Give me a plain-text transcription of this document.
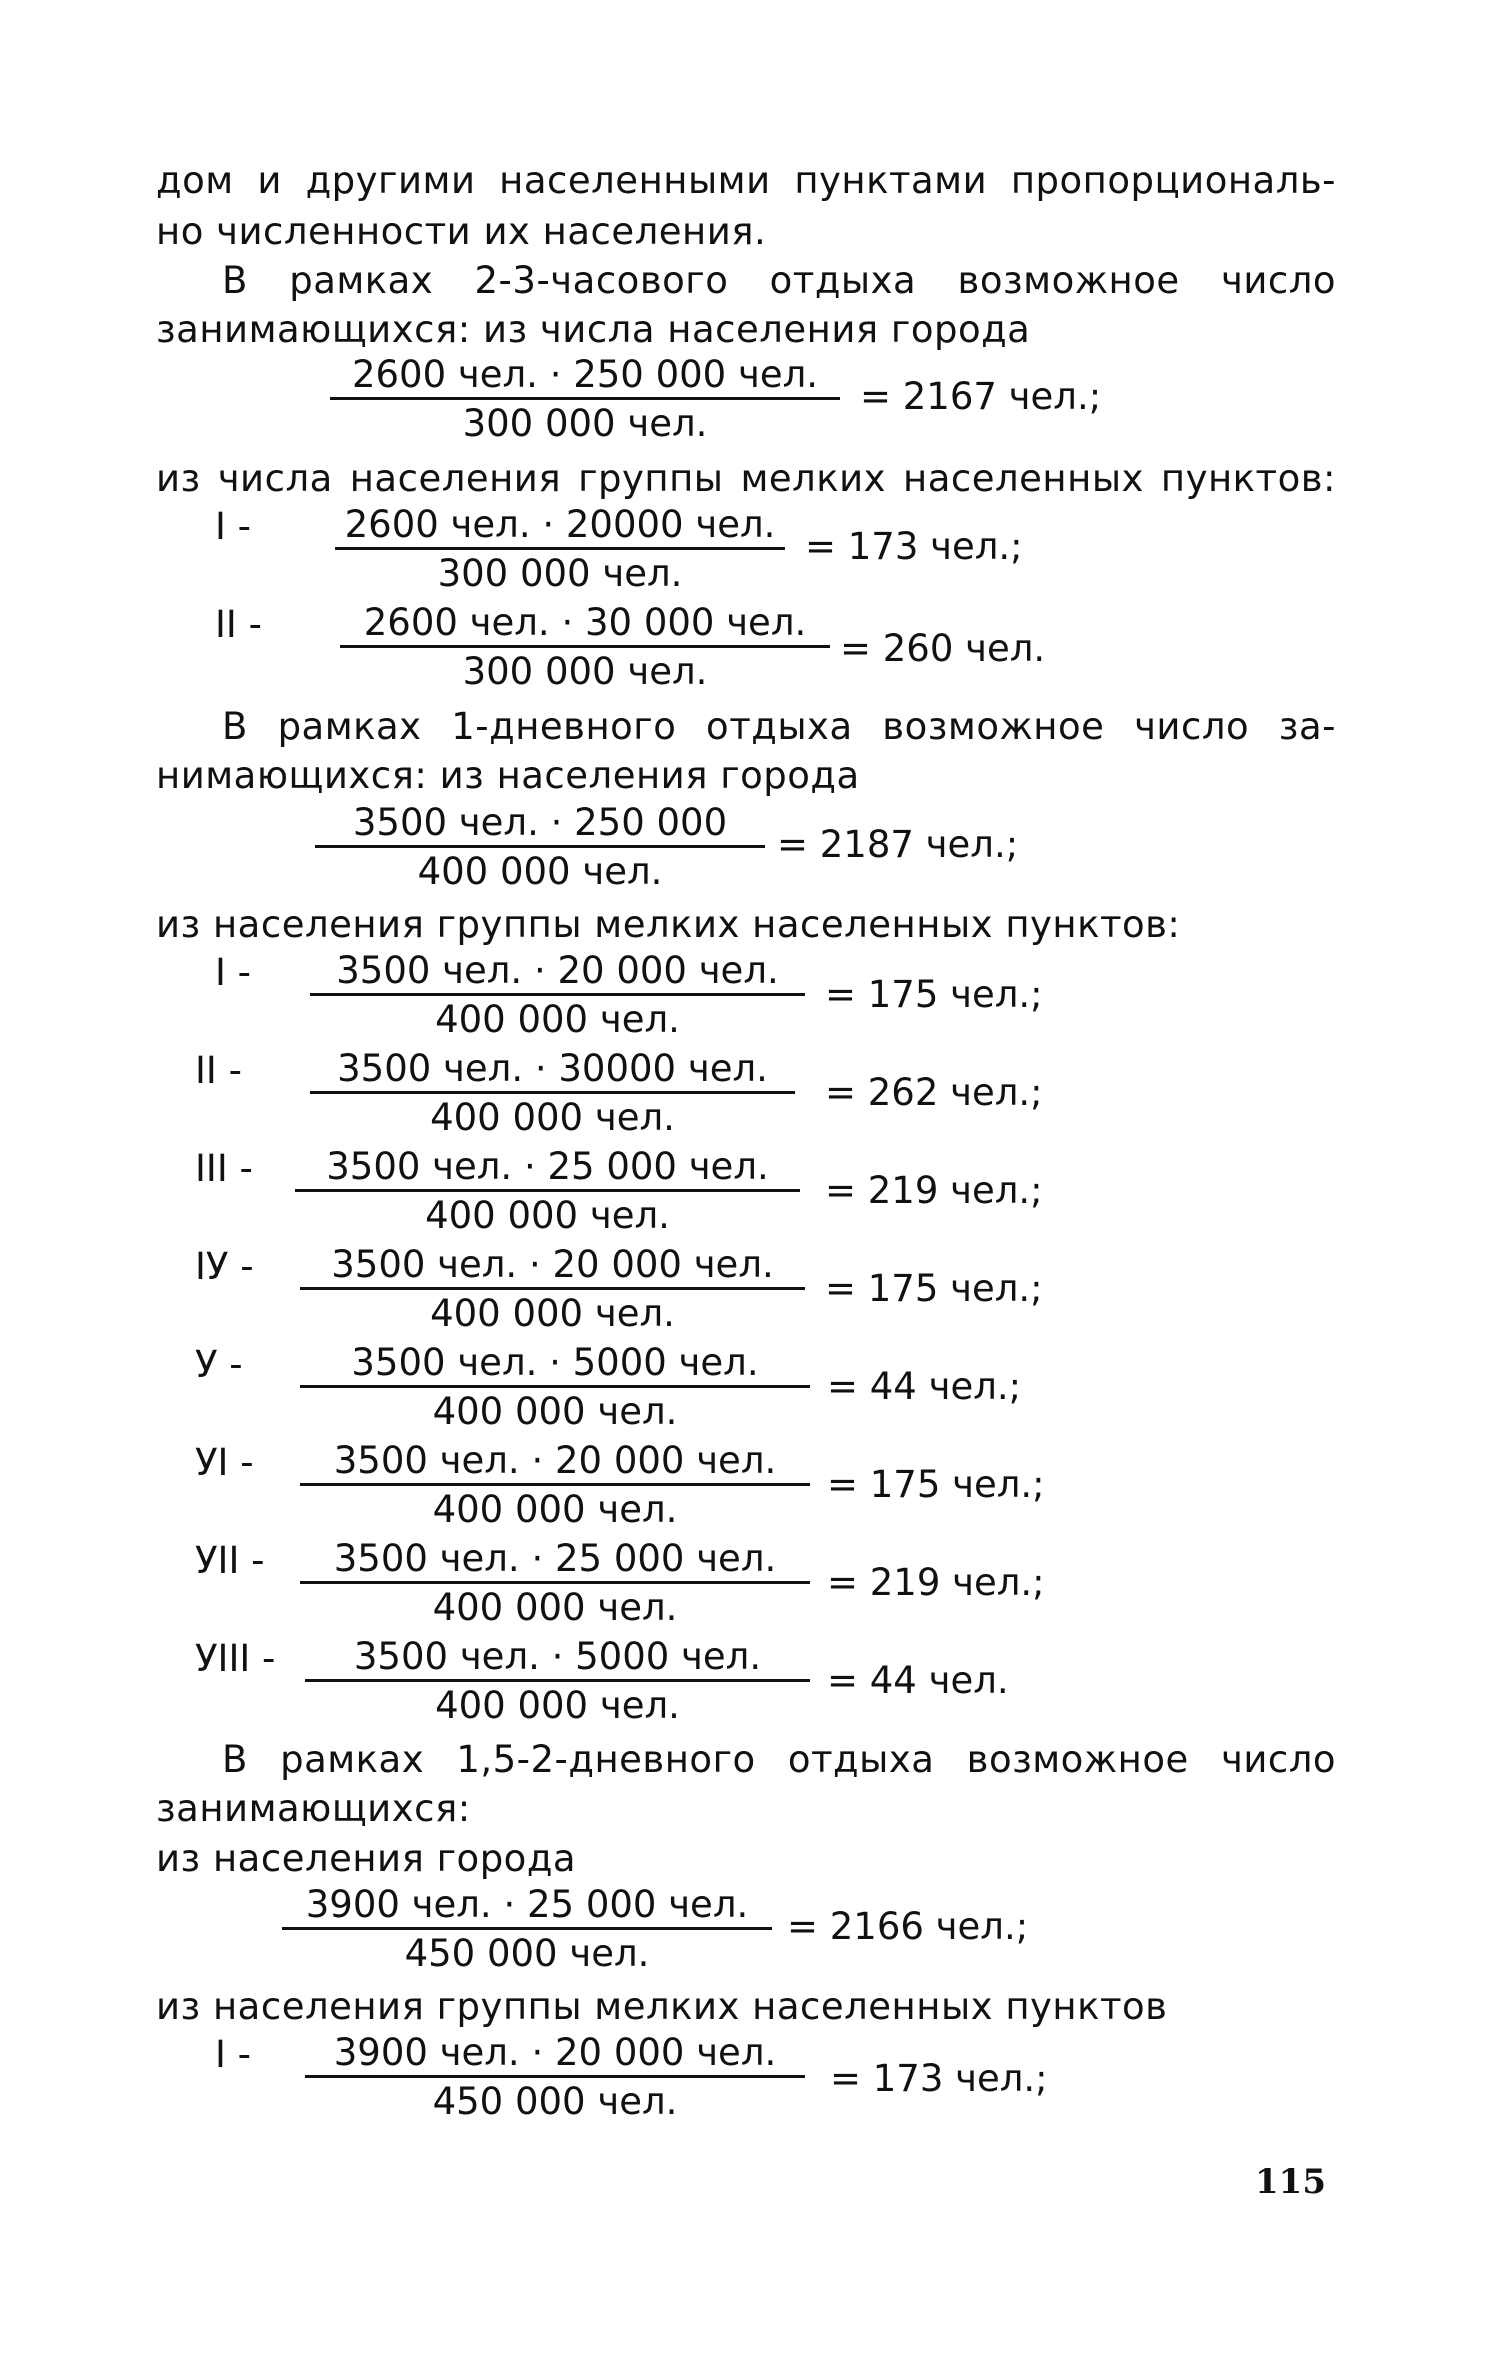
дом и другими населенными пунктами пропорциональ-
но численности их населения.
В рамках 2-3-часового отдыха возможное число
занимающихся: из числа населения города
2600 чел. · 250 000 чел.
300 000 чел.
= 2167 чел.;
из числа населения группы мелких населенных пунктов:
I -	2600 чел. · 20000 чел.
300 000 чел.
= 173 чел.;
II -	2600 чел. · 30 000 чел.
300 000 чел.
= 260 чел.
В рамках 1-дневного отдыха возможное число за-
нимающихся: из населения города
3500 чел. · 250 000
400 000 чел.
= 2187 чел.;
из населения группы мелких населенных пунктов:
I -	3500 чел. · 20 000 чел.
400 000 чел.
= 175 чел.;
II -	3500 чел. · 30000 чел.
400 000 чел.
= 262 чел.;
III -	3500 чел. · 25 000 чел.
400 000 чел.
= 219 чел.;
IУ -	3500 чел. · 20 000 чел.
400 000 чел.
= 175 чел.;
У -	3500 чел. · 5000 чел.
400 000 чел.
= 44 чел.;
УI -	3500 чел. · 20 000 чел.
400 000 чел.
= 175 чел.;
УII -	3500 чел. · 25 000 чел.
400 000 чел.
= 219 чел.;
УIII -	3500 чел. · 5000 чел.
400 000 чел.
= 44 чел.
В рамках 1,5-2-дневного отдыха возможное число
занимающихся:
из населения города
3900 чел. · 25 000 чел.
450 000 чел.
= 2166 чел.;
из населения группы мелких населенных пунктов
I -	3900 чел. · 20 000 чел.
450 000 чел.
= 173 чел.;
115
